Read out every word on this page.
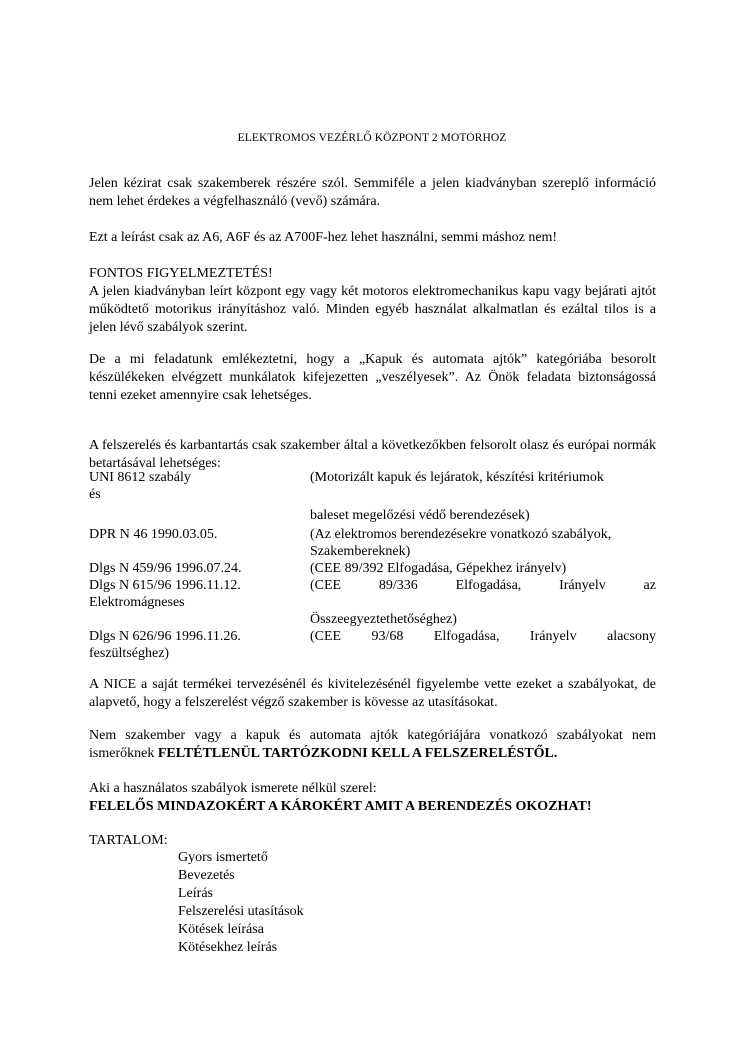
ELEKTROMOS VEZÉRLŐ KÖZPONT 2 MOTORHOZ
Jelen kézirat csak szakemberek részére szól. Semmiféle a jelen kiadványban szereplő információ nem lehet érdekes a végfelhasználó (vevő) számára.
Ezt a leírást csak az A6, A6F és az A700F-hez lehet használni, semmi máshoz nem!
FONTOS FIGYELMEZTETÉS!
A jelen kiadványban leírt központ egy vagy két motoros elektromechanikus kapu vagy bejárati ajtót működtető motorikus irányításhoz való. Minden egyéb használat alkalmatlan és ezáltal tilos is a jelen lévő szabályok szerint.
De a mi feladatunk emlékeztetni, hogy a „Kapuk és automata ajtók” kategóriába besorolt készülékeken elvégzett munkálatok kifejezetten „veszélyesek”. Az Önök feladata biztonságossá tenni ezeket amennyire csak lehetséges.
A felszerelés és karbantartás csak szakember által a következőkben felsorolt olasz és európai normák betartásával lehetséges:
UNI 8612 szabály	(Motorizált kapuk és lejáratok, készítési kritériumok
és
baleset megelőzési védő berendezések)
DPR N 46 1990.03.05.	(Az elektromos berendezésekre vonatkozó szabályok,
Szakembereknek)
Dlgs N 459/96 1996.07.24.	(CEE 89/392 Elfogadása, Gépekhez irányelv)
Dlgs N 615/96 1996.11.12.	(CEE	89/336	Elfogadása,	Irányelv	az
Elektromágneses
Összeegyeztethetőséghez)
Dlgs N 626/96 1996.11.26.	(CEE 93/68 Elfogadása, Irányelv alacsony
feszültséghez)
A NICE a saját termékei tervezésénél és kivitelezésénél figyelembe vette ezeket a szabályokat, de alapvető, hogy a felszerelést végző szakember is kövesse az utasításokat.
Nem szakember vagy a kapuk és automata ajtók kategóriájára vonatkozó szabályokat nem ismerőknek FELTÉTLENÜL TARTÓZKODNI KELL A FELSZERELÉSTŐL.
Aki a használatos szabályok ismerete nélkül szerel:
FELELŐS MINDAZOKÉRT A KÁROKÉRT AMIT A BERENDEZÉS OKOZHAT!
TARTALOM:
Gyors ismertető
Bevezetés
Leírás
Felszerelési utasítások
Kötések leírása
Kötésekhez leírás
